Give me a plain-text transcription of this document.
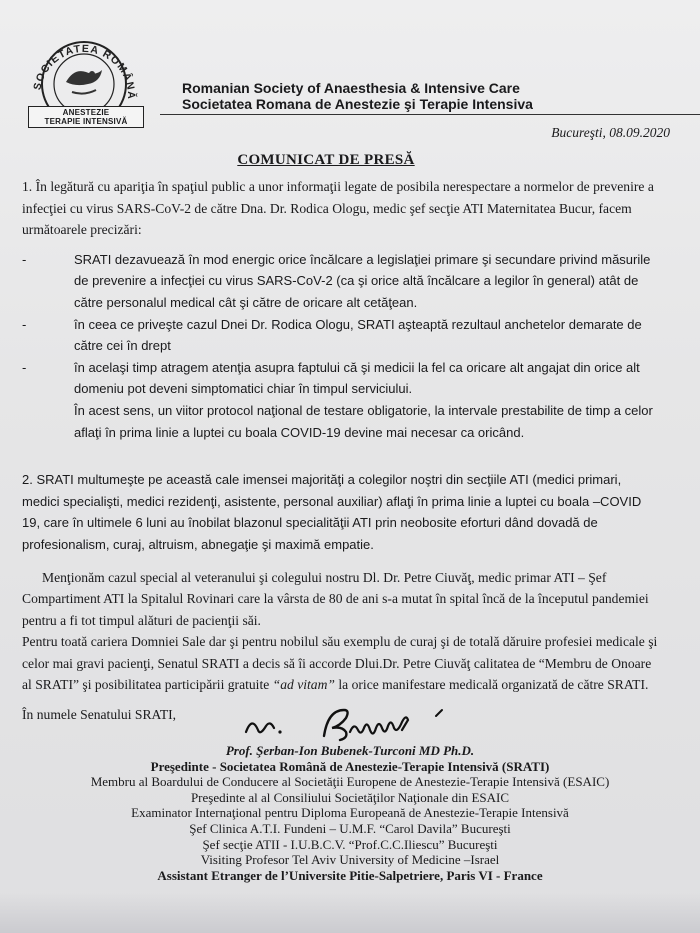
SOCIETATEA ROMÂNĂ
ANESTEZIE
TERAPIE INTENSIVĂ
Romanian Society of Anaesthesia & Intensive Care
Societatea Romana de Anestezie şi Terapie Intensiva
Bucureşti, 08.09.2020
COMUNICAT DE PRESĂ

1. În legătură cu apariţia în spaţiul public a unor informaţii legate de posibila nerespectare a normelor de prevenire a infecţiei cu virus SARS-CoV-2 de către Dna. Dr. Rodica Ologu, medic şef secţie ATI Maternitatea Bucur, facem următoarele precizări:

- SRATI dezavuează în mod energic orice încălcare a legislaţiei primare şi secundare privind măsurile de prevenire a infecţiei cu virus SARS-CoV-2 (ca şi orice altă încălcare a legilor în general) atât de către personalul medical cât şi către de oricare alt cetăţean.
- în ceea ce priveşte cazul Dnei Dr. Rodica Ologu, SRATI aşteaptă rezultaul anchetelor demarate de către cei în drept
- în acelaşi timp atragem atenţia asupra faptului că şi medicii la fel ca oricare alt angajat din orice alt domeniu pot deveni simptomatici chiar în timpul serviciului.
În acest sens, un viitor protocol naţional de testare obligatorie, la intervale prestabilite de timp a celor aflaţi în prima linie a luptei cu boala COVID-19 devine mai necesar ca oricând.

2. SRATI multumeşte pe această cale imensei majorităţi a colegilor noştri din secţiile ATI (medici primari, medici specialişti, medici rezidenţi, asistente, personal auxiliar) aflaţi în prima linie a luptei cu boala –COVID 19, care în ultimele 6 luni au înobilat blazonul specialităţii ATI prin neobosite eforturi dând dovadă de profesionalism, curaj, altruism, abnegaţie şi maximă empatie.

Menţionăm cazul special al veteranului şi colegului nostru Dl. Dr. Petre Ciuvăţ, medic primar ATI – Şef Compartiment ATI la Spitalul Rovinari care la vârsta de 80 de ani s-a mutat în spital încă de la începutul pandemiei pentru a fi tot timpul alături de pacienţii săi.

Pentru toată cariera Domniei Sale dar şi pentru nobilul său exemplu de curaj şi de totală dăruire profesiei medicale şi celor mai gravi pacienţi, Senatul SRATI a decis să îi accorde Dlui.Dr. Petre Ciuvăţ calitatea de “Membru de Onoare al SRATI” şi posibilitatea participării gratuite “ad vitam” la orice manifestare medicală organizată de către SRATI.

În numele Senatului SRATI,

Prof. Şerban-Ion Bubenek-Turconi MD Ph.D.
Preşedinte - Societatea Română de Anestezie-Terapie Intensivă (SRATI)
Membru al Boardului de Conducere al Societăţii Europene de Anestezie-Terapie Intensivă (ESAIC)
Preşedinte al al Consiliului Societăţilor Naţionale din ESAIC
Examinator Internaţional pentru Diploma Europeană de Anestezie-Terapie Intensivă
Şef Clinica A.T.I. Fundeni – U.M.F. “Carol Davila” Bucureşti
Şef secţie ATII - I.U.B.C.V. “Prof.C.C.Iliescu” Bucureşti
Visiting Profesor Tel Aviv University of Medicine –Israel
Assistant Etranger de l’Universite Pitie-Salpetriere, Paris VI - France
